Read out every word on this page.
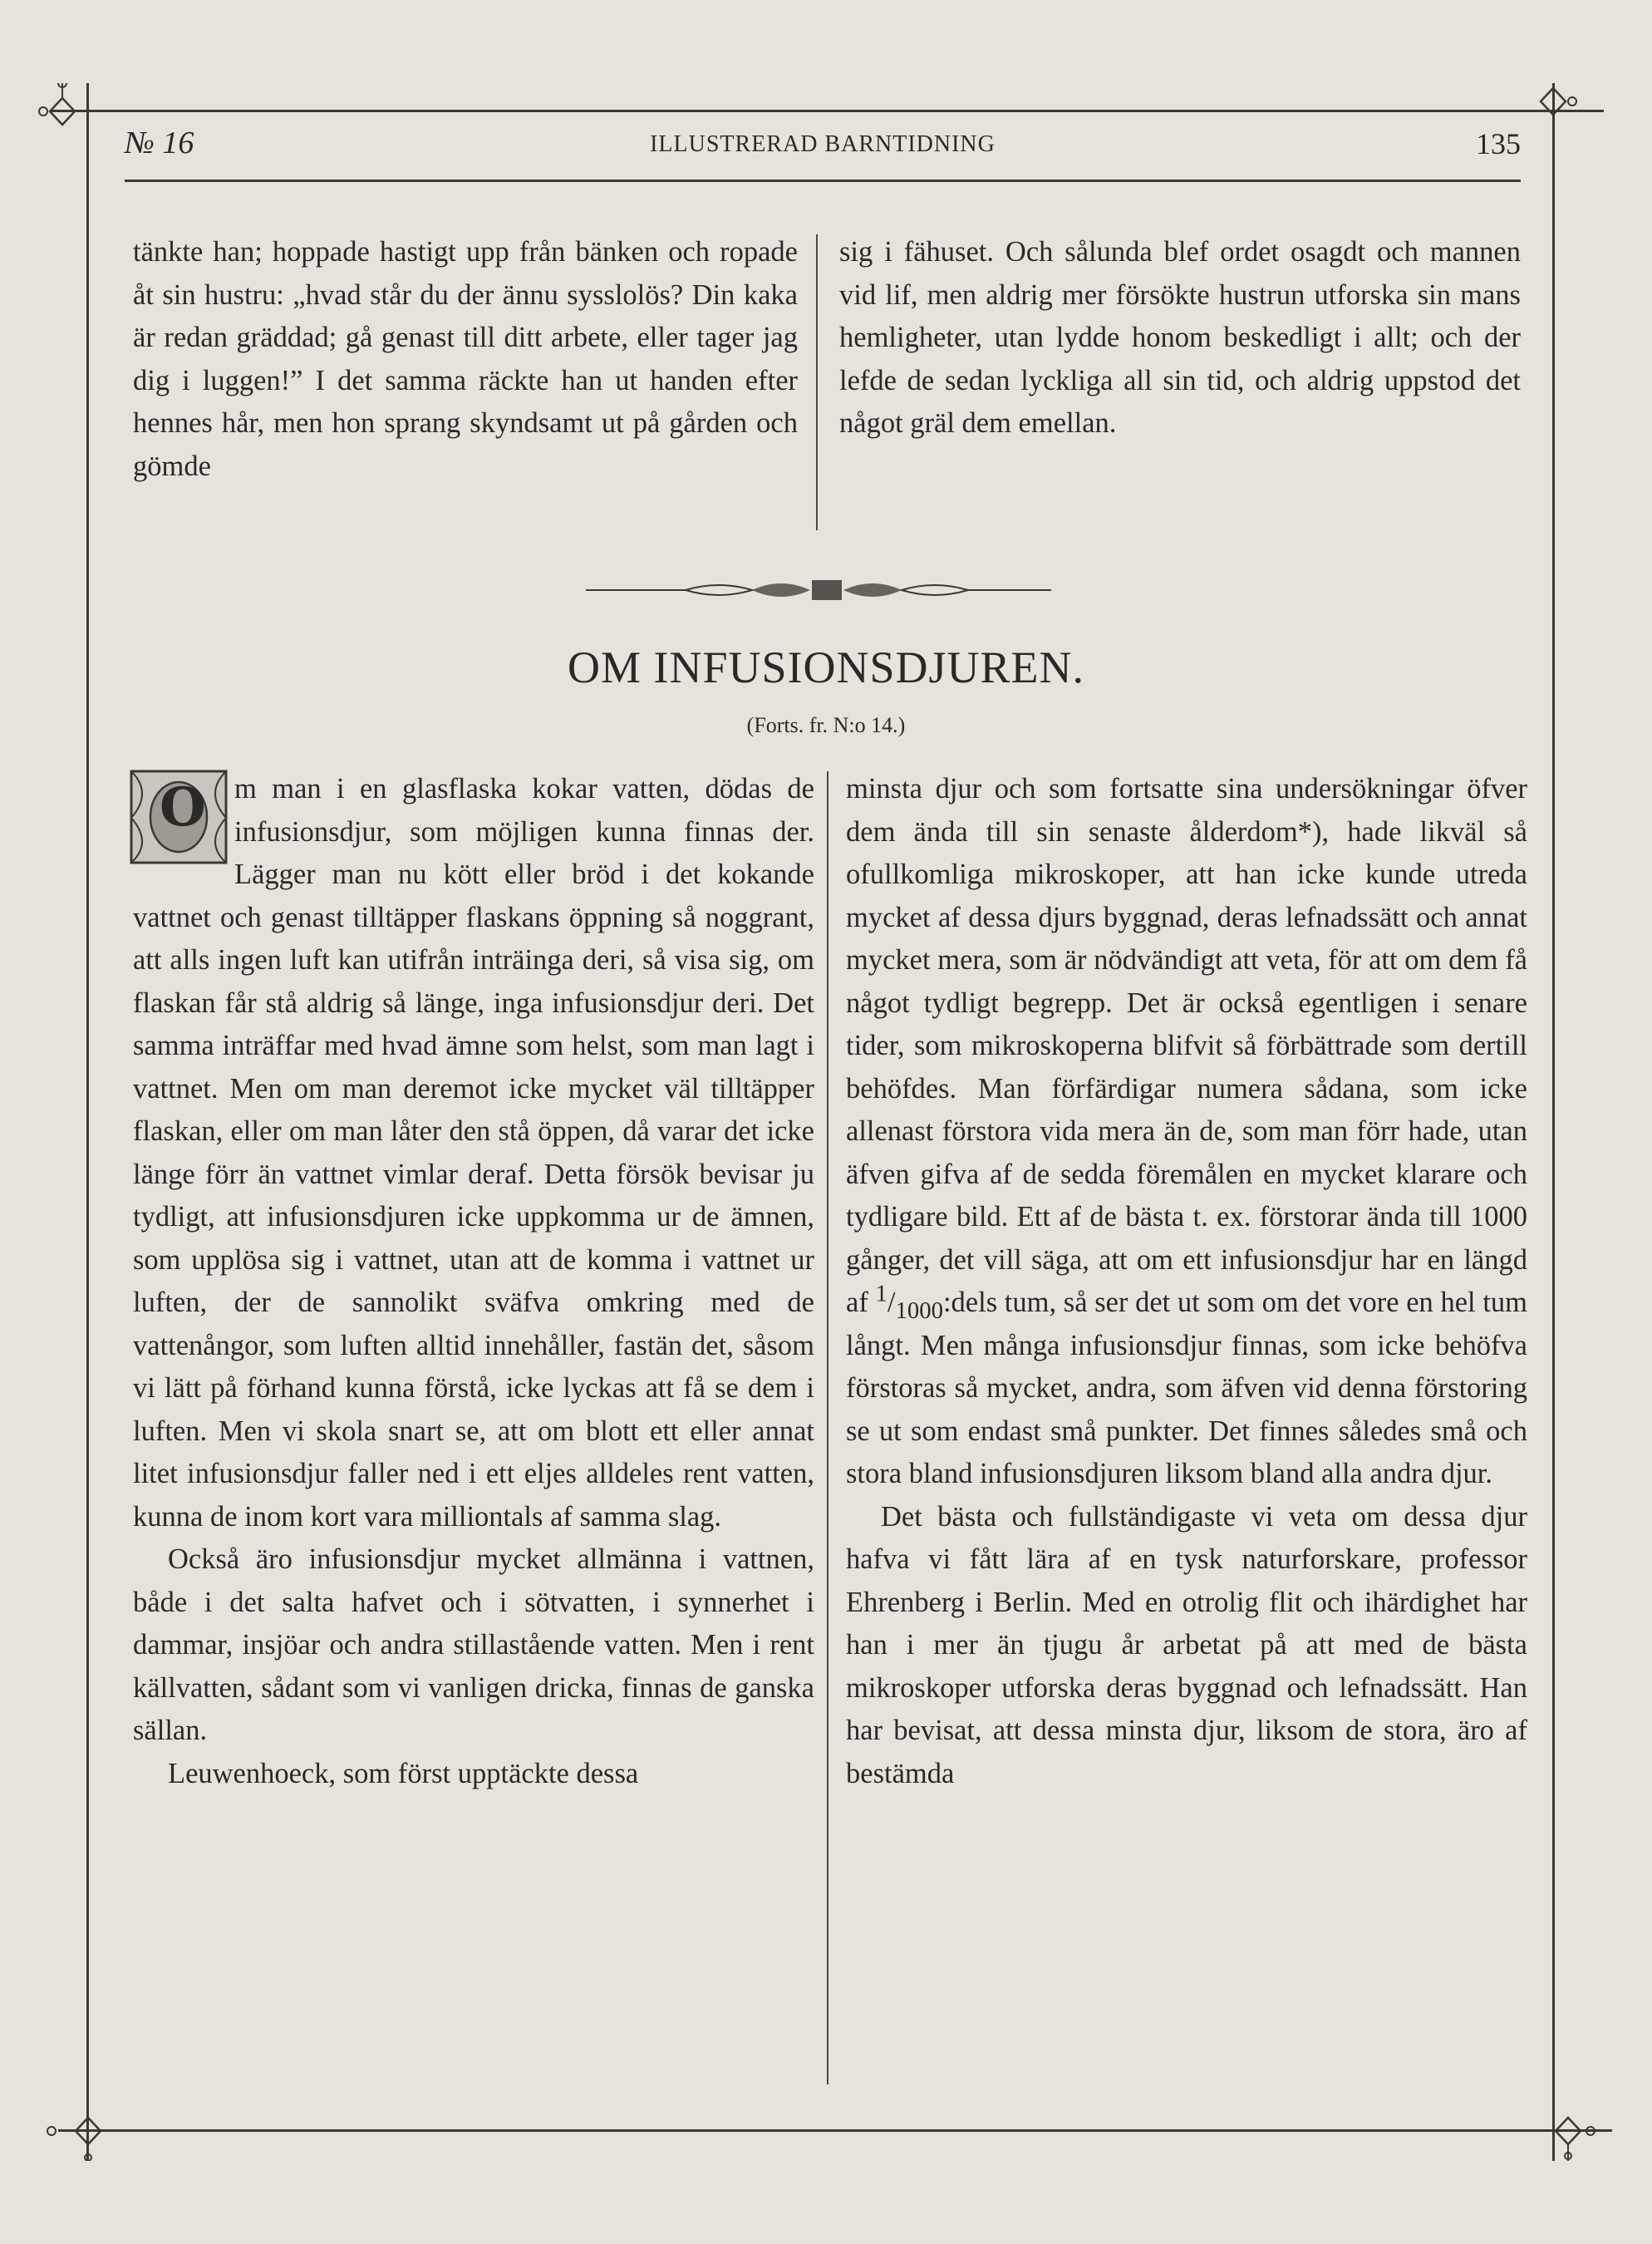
№ 16	ILLUSTRERAD BARNTIDNING	135

tänkte han; hoppade hastigt upp från bänken och ropade åt sin hustru: „hvad står du der ännu sysslolös? Din kaka är redan gräddad; gå genast till ditt arbete, eller tager jag dig i luggen!” I det samma räckte han ut handen efter hennes hår, men hon sprang skyndsamt ut på gården och gömde

sig i fähuset. Och sålunda blef ordet osagdt och mannen vid lif, men aldrig mer försökte hustrun utforska sin mans hemligheter, utan lydde honom beskedligt i allt; och der lefde de sedan lyckliga all sin tid, och aldrig uppstod det något gräl dem emellan.

OM INFUSIONSDJUREN.
(Forts. fr. N:o 14.)

O m man i en glasflaska kokar vatten, dödas de infusionsdjur, som möjligen kunna finnas der. Lägger man nu kött eller bröd i det kokande vattnet och genast tilltäpper flaskans öppning så noggrant, att alls ingen luft kan utifrån inträinga deri, så visa sig, om flaskan får stå aldrig så länge, inga infusionsdjur deri. Det samma inträffar med hvad ämne som helst, som man lagt i vattnet. Men om man deremot icke mycket väl tilltäpper flaskan, eller om man låter den stå öppen, då varar det icke länge förr än vattnet vimlar deraf. Detta försök bevisar ju tydligt, att infusionsdjuren icke uppkomma ur de ämnen, som upplösa sig i vattnet, utan att de komma i vattnet ur luften, der de sannolikt sväfva omkring med de vattenångor, som luften alltid innehåller, fastän det, såsom vi lätt på förhand kunna förstå, icke lyckas att få se dem i luften. Men vi skola snart se, att om blott ett eller annat litet infusionsdjur faller ned i ett eljes alldeles rent vatten, kunna de inom kort vara milliontals af samma slag.

Också äro infusionsdjur mycket allmänna i vattnen, både i det salta hafvet och i sötvatten, i synnerhet i dammar, insjöar och andra stillastående vatten. Men i rent källvatten, sådant som vi vanligen dricka, finnas de ganska sällan.

Leuwenhoeck, som först upptäckte dessa

minsta djur och som fortsatte sina undersökningar öfver dem ända till sin senaste ålderdom*), hade likväl så ofullkomliga mikroskoper, att han icke kunde utreda mycket af dessa djurs byggnad, deras lefnadssätt och annat mycket mera, som är nödvändigt att veta, för att om dem få något tydligt begrepp. Det är också egentligen i senare tider, som mikroskoperna blifvit så förbättrade som dertill behöfdes. Man förfärdigar numera sådana, som icke allenast förstora vida mera än de, som man förr hade, utan äfven gifva af de sedda föremålen en mycket klarare och tydligare bild. Ett af de bästa t. ex. förstorar ända till 1000 gånger, det vill säga, att om ett infusionsdjur har en längd af $^1/_{1000}:dels$ tum, så ser det ut som om det vore en hel tum långt. Men många infusionsdjur finnas, som icke behöfva förstoras så mycket, andra, som äfven vid denna förstoring se ut som endast små punkter. Det finnes således små och stora bland infusionsdjuren liksom bland alla andra djur.

Det bästa och fullständigaste vi veta om dessa djur hafva vi fått lära af en tysk naturforskare, professor Ehrenberg i Berlin. Med en otrolig flit och ihärdighet har han i mer än tjugu år arbetat på att med de bästa mikroskoper utforska deras byggnad och lefnadssätt. Han har bevisat, att dessa minsta djur, liksom de stora, äro af bestämda
